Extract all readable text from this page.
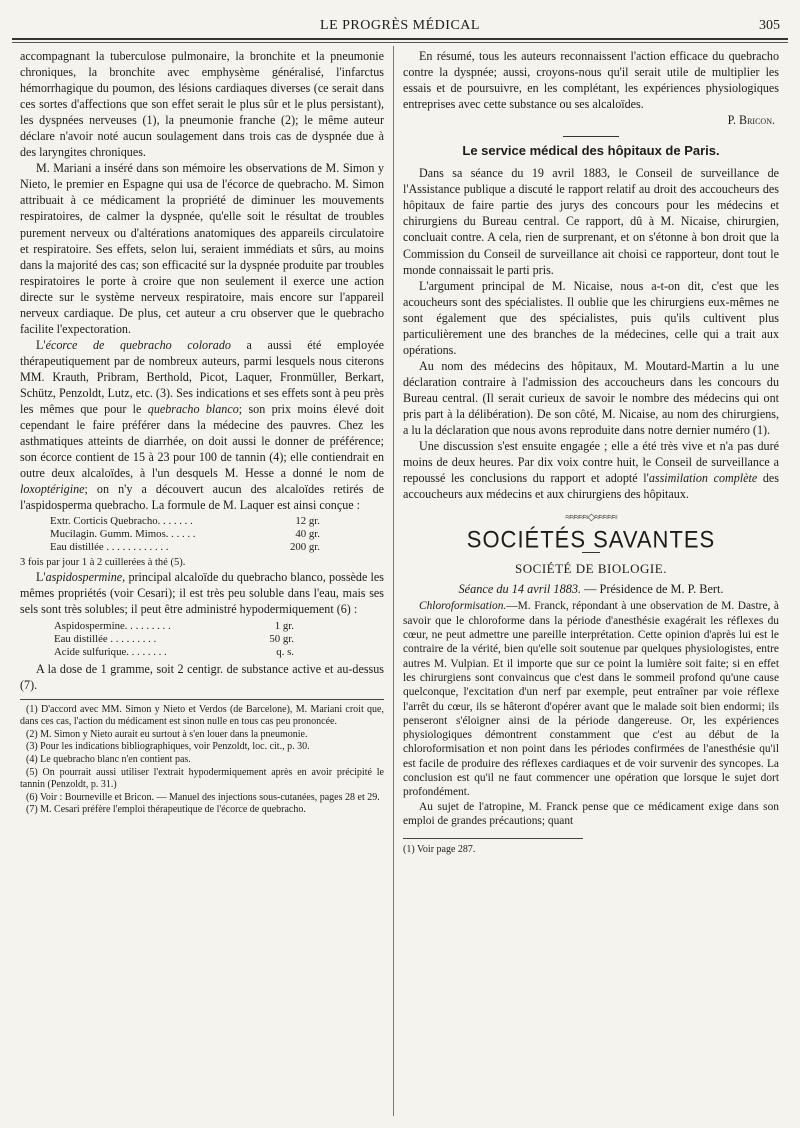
LE PROGRÈS MÉDICAL	305

accompagnant la tuberculose pulmonaire, la bronchite et la pneumonie chroniques, la bronchite avec emphysème généralisé, l'infarctus hémorrhagique du poumon, des lésions cardiaques diverses (ce serait dans ces sortes d'affections que son effet serait le plus sûr et le plus persistant), les dyspnées nerveuses (1), la pneumonie franche (2); le même auteur déclare n'avoir noté aucun soulagement dans trois cas de dyspnée due à des laryngites chroniques.

M. Mariani a inséré dans son mémoire les observations de M. Simon y Nieto, le premier en Espagne qui usa de l'écorce de quebracho. M. Simon attribuait à ce médicament la propriété de diminuer les mouvements respiratoires, de calmer la dyspnée, qu'elle soit le résultat de troubles purement nerveux ou d'altérations anatomiques des appareils circulatoire et respiratoire. Ses effets, selon lui, seraient immédiats et sûrs, au moins dans la majorité des cas; son efficacité sur la dyspnée produite par troubles respiratoires le porte à croire que non seulement il exerce une action directe sur le système nerveux respiratoire, mais encore sur l'appareil nerveux cardiaque. De plus, cet auteur a cru observer que le quebracho facilite l'expectoration.

L'écorce de quebracho colorado a aussi été employée thérapeutiquement par de nombreux auteurs, parmi lesquels nous citerons MM. Krauth, Pribram, Berthold, Picot, Laquer, Fronmüller, Berkart, Schütz, Penzoldt, Lutz, etc. (3). Ses indications et ses effets sont à peu près les mêmes que pour le quebracho blanco; son prix moins élevé doit cependant le faire préférer dans la médecine des pauvres. Chez les asthmatiques atteints de diarrhée, on doit aussi le donner de préférence; son écorce contient de 15 à 23 pour 100 de tannin (4); elle contiendrait en outre deux alcaloïdes, à l'un desquels M. Hesse a donné le nom de loxoptérigine; on n'y a découvert aucun des alcaloïdes retirés de l'aspidosperma quebracho. La formule de M. Laquer est ainsi conçue :

Extr. Corticis Quebracho. . . . . . .	12 gr.
Mucilagin. Gumm. Mimos. . . . . .	40 gr.
Eau distillée . . . . . . . . . . . .	200 gr.

3 fois par jour 1 à 2 cuillerées à thé (5).

L'aspidospermine, principal alcaloïde du quebracho blanco, possède les mêmes propriétés (voir Cesari); il est très peu soluble dans l'eau, mais ses sels sont très solubles; il peut être administré hypodermiquement (6) :

Aspidospermine. . . . . . . . .	1 gr.
Eau distillée . . . . . . . . .	50 gr.
Acide sulfurique. . . . . . . .	q. s.

A la dose de 1 gramme, soit 2 centigr. de substance active et au-dessus (7).

(1) D'accord avec MM. Simon y Nieto et Verdos (de Barcelone), M. Mariani croit que, dans ces cas, l'action du médicament est sinon nulle en tous cas peu prononcée.

(2) M. Simon y Nieto aurait eu surtout à s'en louer dans la pneumonie.

(3) Pour les indications bibliographiques, voir Penzoldt, loc. cit., p. 30.

(4) Le quebracho blanc n'en contient pas.

(5) On pourrait aussi utiliser l'extrait hypodermiquement après en avoir précipité le tannin (Penzoldt, p. 31.)

(6) Voir : Bourneville et Bricon. — Manuel des injections sous-cutanées, pages 28 et 29.

(7) M. Cesari préfère l'emploi thérapeutique de l'écorce de quebracho.

En résumé, tous les auteurs reconnaissent l'action efficace du quebracho contre la dyspnée; aussi, croyons-nous qu'il serait utile de multiplier les essais et de poursuivre, en les complétant, les expériences physiologiques entreprises avec cette substance ou ses alcaloïdes.

P. Bricon.

Le service médical des hôpitaux de Paris.

Dans sa séance du 19 avril 1883, le Conseil de surveillance de l'Assistance publique a discuté le rapport relatif au droit des accoucheurs des hôpitaux de faire partie des jurys des concours pour les médecins et chirurgiens du Bureau central. Ce rapport, dû à M. Nicaise, chirurgien, concluait contre. A cela, rien de surprenant, et on s'étonne à bon droit que la Commission du Conseil de surveillance ait choisi ce rapporteur, dont tout le monde connaissait le parti pris.

L'argument principal de M. Nicaise, nous a-t-on dit, c'est que les acoucheurs sont des spécialistes. Il oublie que les chirurgiens eux-mêmes ne sont également que des spécialistes, puis qu'ils cultivent plus particulièrement une des branches de la médecines, celle qui a trait aux opérations.

Au nom des médecins des hôpitaux, M. Moutard-Martin a lu une déclaration contraire à l'admission des accoucheurs dans les concours du Bureau central. (Il serait curieux de savoir le nombre des médecins qui ont pris part à la délibération). De son côté, M. Nicaise, au nom des chirurgiens, a lu la déclaration que nous avons reproduite dans notre dernier numéro (1).

Une discussion s'est ensuite engagée ; elle a été très vive et n'a pas duré moins de deux heures. Par dix voix contre huit, le Conseil de surveillance a repoussé les conclusions du rapport et adopté l'assimilation complète des accoucheurs aux médecins et aux chirurgiens des hôpitaux.

≈≈≈≈≈◇≈≈≈≈≈
SOCIÉTÉS SAVANTES
SOCIÉTÉ DE BIOLOGIE.
Séance du 14 avril 1883. — Présidence de M. P. Bert.

Chloroformisation.—M. Franck, répondant à une observation de M. Dastre, à savoir que le chloroforme dans la période d'anesthésie exagérait les réflexes du cœur, ne peut admettre une pareille interprétation. Cette opinion d'après lui est le contraire de la vérité, bien qu'elle soit soutenue par quelques physiologistes, entre autres M. Vulpian. Et il importe que sur ce point la lumière soit faite; si en effet les chirurgiens sont convaincus que c'est dans le sommeil profond qu'une cause quelconque, l'excitation d'un nerf par exemple, peut entraîner par voie réflexe l'arrêt du cœur, ils se hâteront d'opérer avant que le malade soit bien endormi; ils penseront s'éloigner ainsi de la période dangereuse. Or, les expériences physiologiques démontrent constamment que c'est au début de la chloroformisation et non point dans les périodes confirmées de l'anesthésie qu'il est facile de produire des réflexes cardiaques et de voir survenir des syncopes. La conclusion est qu'il ne faut commencer une opération que lorsque le sujet dort profondément.

Au sujet de l'atropine, M. Franck pense que ce médicament exige dans son emploi de grandes précautions; quant

(1) Voir page 287.
